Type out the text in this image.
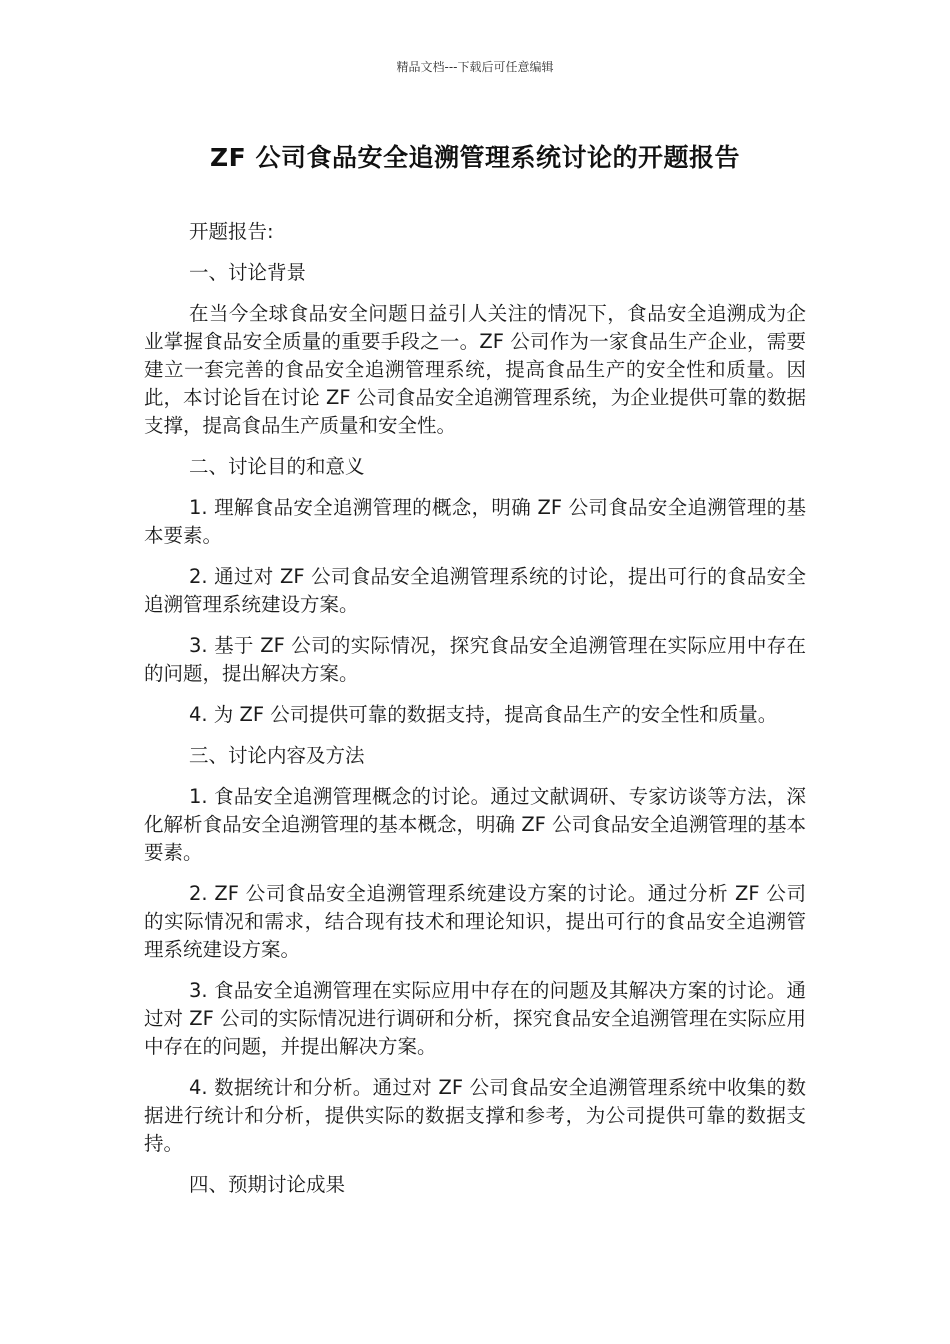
精品文档---下载后可任意编辑
ZF 公司食品安全追溯管理系统讨论的开题报告

开题报告:

一、讨论背景

在当今全球食品安全问题日益引人关注的情况下，食品安全追溯成为企业掌握食品安全质量的重要手段之一。ZF 公司作为一家食品生产企业，需要建立一套完善的食品安全追溯管理系统，提高食品生产的安全性和质量。因此，本讨论旨在讨论 ZF 公司食品安全追溯管理系统，为企业提供可靠的数据支撑，提高食品生产质量和安全性。

二、讨论目的和意义

1. 理解食品安全追溯管理的概念，明确 ZF 公司食品安全追溯管理的基本要素。

2. 通过对 ZF 公司食品安全追溯管理系统的讨论，提出可行的食品安全追溯管理系统建设方案。

3. 基于 ZF 公司的实际情况，探究食品安全追溯管理在实际应用中存在的问题，提出解决方案。

4. 为 ZF 公司提供可靠的数据支持，提高食品生产的安全性和质量。

三、讨论内容及方法

1. 食品安全追溯管理概念的讨论。通过文献调研、专家访谈等方法，深化解析食品安全追溯管理的基本概念，明确 ZF 公司食品安全追溯管理的基本要素。

2. ZF 公司食品安全追溯管理系统建设方案的讨论。通过分析 ZF 公司的实际情况和需求，结合现有技术和理论知识，提出可行的食品安全追溯管理系统建设方案。

3. 食品安全追溯管理在实际应用中存在的问题及其解决方案的讨论。通过对 ZF 公司的实际情况进行调研和分析，探究食品安全追溯管理在实际应用中存在的问题，并提出解决方案。

4. 数据统计和分析。通过对 ZF 公司食品安全追溯管理系统中收集的数据进行统计和分析，提供实际的数据支撑和参考，为公司提供可靠的数据支持。

四、预期讨论成果
